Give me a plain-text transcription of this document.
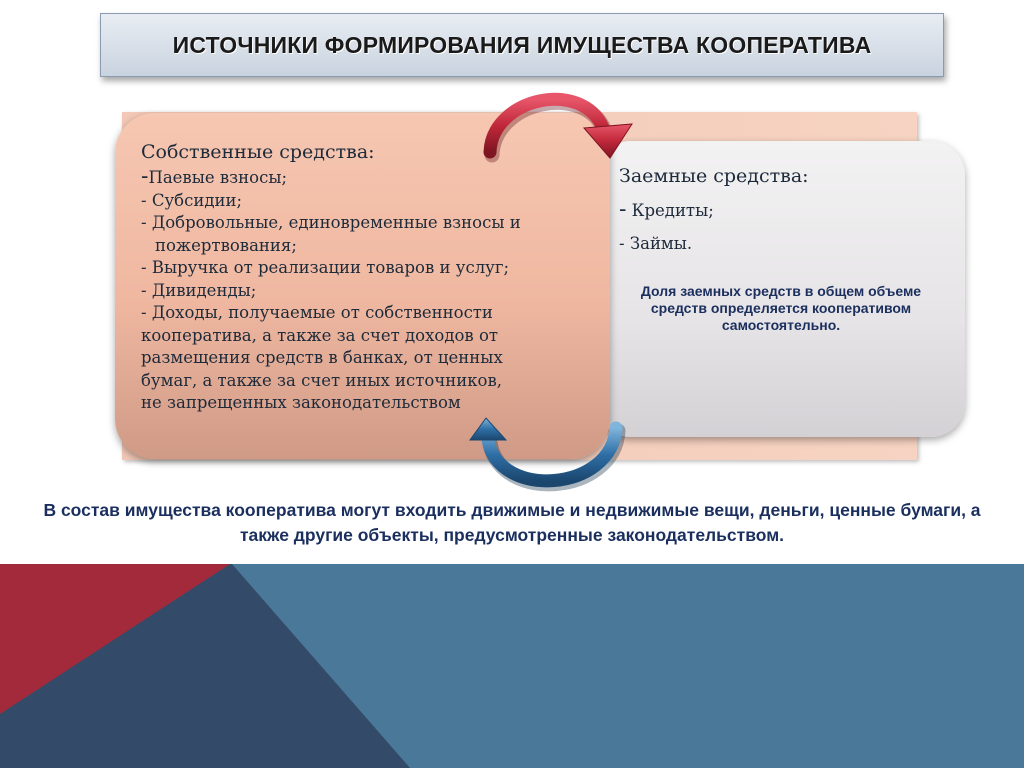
ИСТОЧНИКИ ФОРМИРОВАНИЯ ИМУЩЕСТВА КООПЕРАТИВА

Заемные средства:

- Кредиты;

- Займы.

Доля заемных средств в общем объеме средств определяется кооперативом самостоятельно.

Собственные средства:

-Паевые взносы;

- Субсидии;

- Добровольные, единовременные взносы и

пожертвования;

- Выручка от реализации товаров и услуг;

- Дивиденды;

- Доходы, получаемые от собственности

кооператива, а также за счет доходов от

размещения средств в банках, от ценных

бумаг, а также за счет иных источников,

не запрещенных законодательством

В состав имущества кооператива могут входить движимые и недвижимые вещи, деньги, ценные бумаги, а также другие объекты, предусмотренные законодательством.
